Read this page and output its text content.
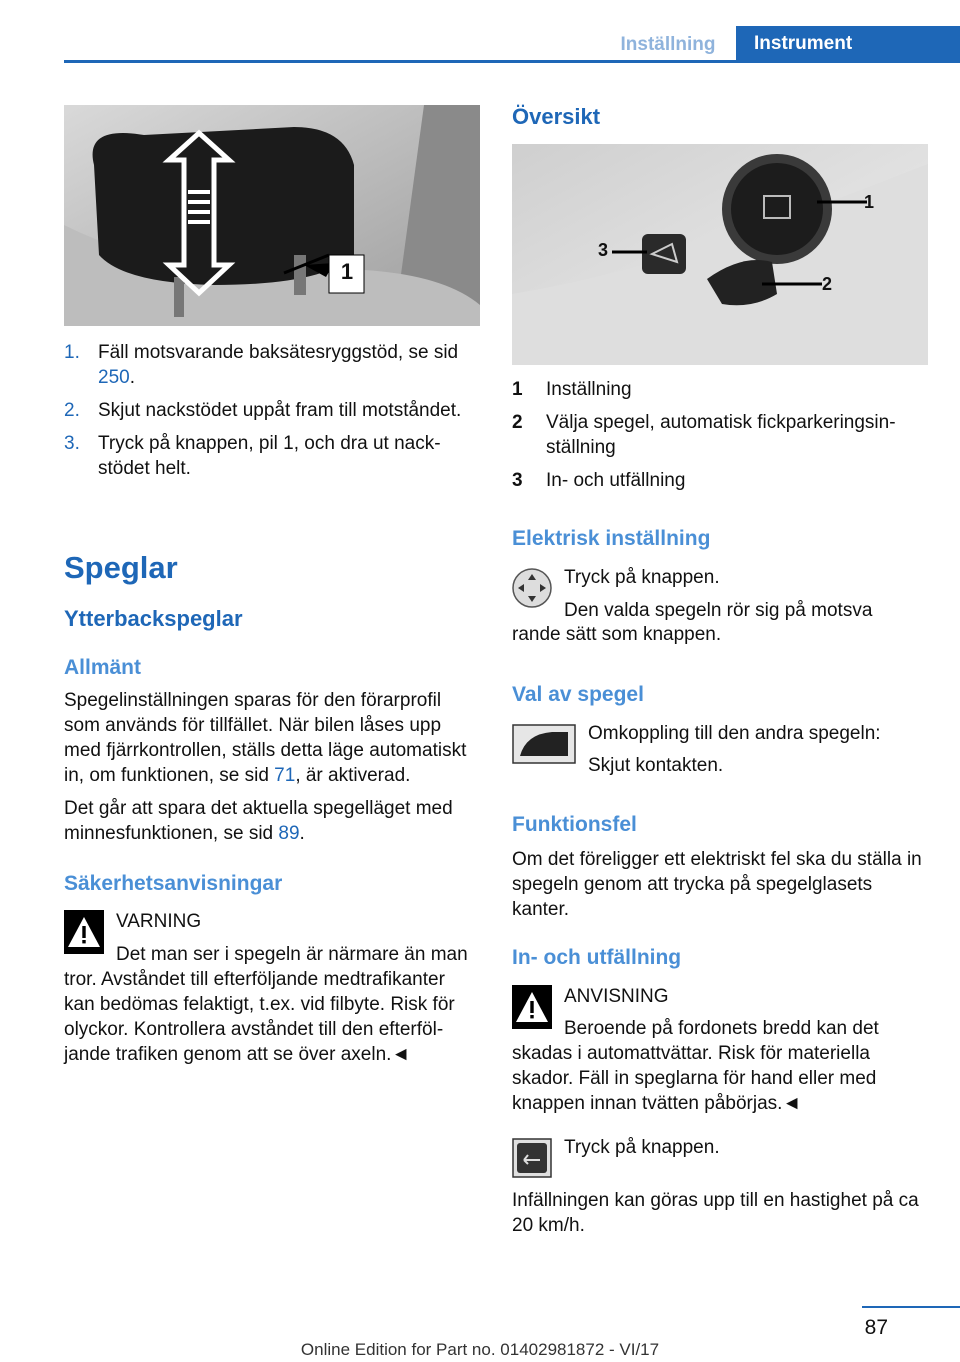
Inställning	Instrument
1
1. Fäll motsvarande baksätesryggstöd, se sid 250.
2. Skjut nackstödet uppåt fram till motståndet.
3. Tryck på knappen, pil 1, och dra ut nackstödet helt.
Speglar
Ytterbackspeglar
Allmänt

Spegelinställningen sparas för den förarprofil som används för tillfället. När bilen låses upp med fjärrkontrollen, ställs detta läge automatiskt in, om funktionen, se sid 71, är aktiverad.

Det går att spara det aktuella spegelläget med minnesfunktionen, se sid 89.

Säkerhetsanvisningar
VARNING
Det man ser i spegeln är närmare än man
tror. Avståndet till efterföljande medtrafikanter kan bedömas felaktigt, t.ex. vid filbyte. Risk för olyckor. Kontrollera avståndet till den efterföljande trafiken genom att se över axeln.◄
Översikt
1
2
3
1 Inställning
2 Välja spegel, automatisk fickparkeringsinställning
3 In- och utfällning
Elektrisk inställning
Tryck på knappen.
Den valda spegeln rör sig på motsva
rande sätt som knappen.
Val av spegel
Omkoppling till den andra spegeln:
Skjut kontakten.
Funktionsfel
Om det föreligger ett elektriskt fel ska du ställa in spegeln genom att trycka på spegelglasets kanter.
In- och utfällning
ANVISNING
Beroende på fordonets bredd kan det
skadas i automattvättar. Risk för materiella skador. Fäll in speglarna för hand eller med knappen innan tvätten påbörjas.◄
Tryck på knappen.
Infällningen kan göras upp till en hastighet på ca 20 km/h.
87
Online Edition for Part no. 01402981872 - VI/17
